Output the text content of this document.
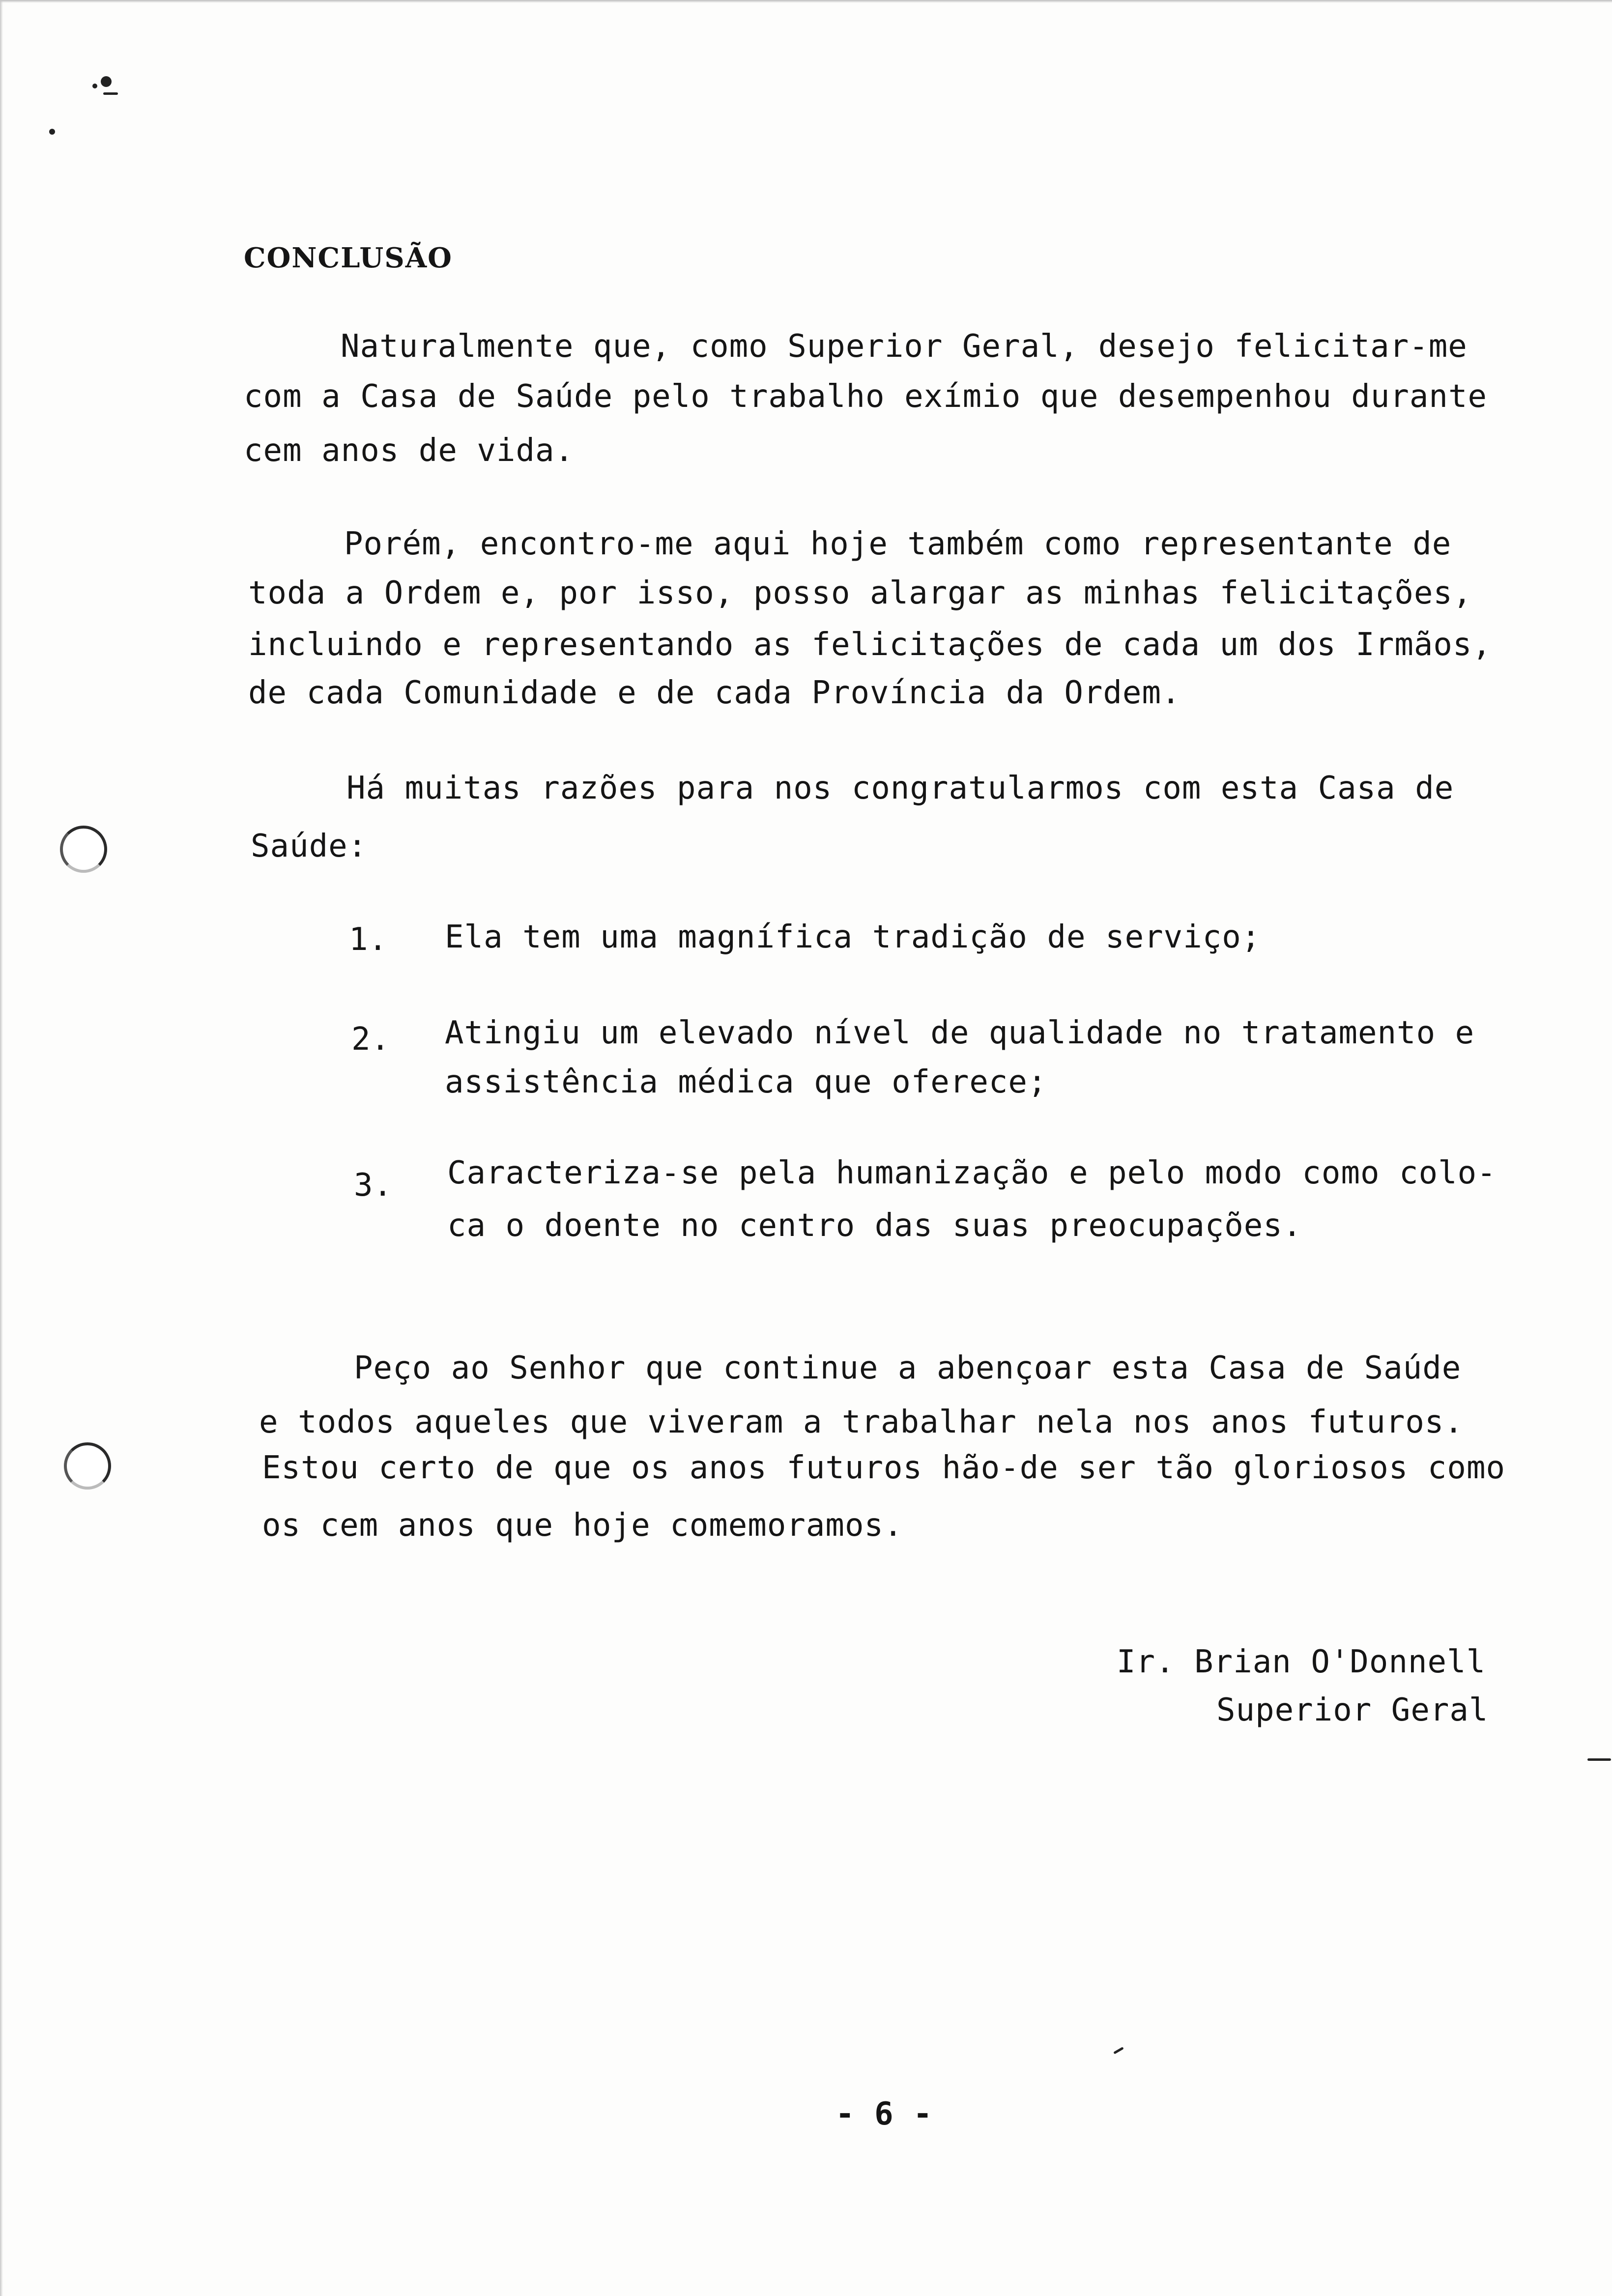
CONCLUSÃO
Naturalmente que, como Superior Geral, desejo felicitar-me
com a Casa de Saúde pelo trabalho exímio que desempenhou durante
cem anos de vida.
Porém, encontro-me aqui hoje também como representante de
toda a Ordem e, por isso, posso alargar as minhas felicitações,
incluindo e representando as felicitações de cada um dos Irmãos,
de cada Comunidade e de cada Província da Ordem.
Há muitas razões para nos congratularmos com esta Casa de
Saúde:
1. Ela tem uma magnífica tradição de serviço;
2. Atingiu um elevado nível de qualidade no tratamento e
assistência médica que oferece;
3. Caracteriza-se pela humanização e pelo modo como colo-
ca o doente no centro das suas preocupações.
Peço ao Senhor que continue a abençoar esta Casa de Saúde
e todos aqueles que viveram a trabalhar nela nos anos futuros.
Estou certo de que os anos futuros hão-de ser tão gloriosos como
os cem anos que hoje comemoramos.
Ir. Brian O'Donnell
Superior Geral
- 6 -
